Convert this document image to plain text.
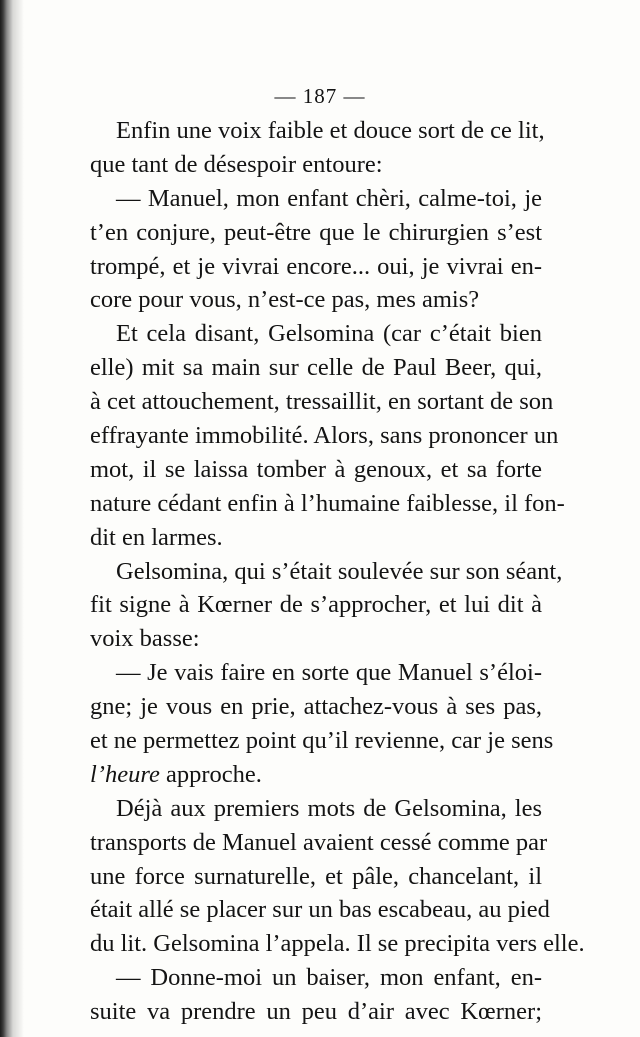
— 187 —
Enfin une voix faible et douce sort de ce lit,
que tant de désespoir entoure:
— Manuel, mon enfant chèri, calme-toi, je
t’en conjure, peut-être que le chirurgien s’est
trompé, et je vivrai encore... oui, je vivrai en-
core pour vous, n’est-ce pas, mes amis?
Et cela disant, Gelsomina (car c’était bien
elle) mit sa main sur celle de Paul Beer, qui,
à cet attouchement, tressaillit, en sortant de son
effrayante immobilité. Alors, sans prononcer un
mot, il se laissa tomber à genoux, et sa forte
nature cédant enfin à l’humaine faiblesse, il fon-
dit en larmes.
Gelsomina, qui s’était soulevée sur son séant,
fit signe à Kœrner de s’approcher, et lui dit à
voix basse:
— Je vais faire en sorte que Manuel s’éloi-
gne; je vous en prie, attachez-vous à ses pas,
et ne permettez point qu’il revienne, car je sens
l’heure approche.
Déjà aux premiers mots de Gelsomina, les
transports de Manuel avaient cessé comme par
une force surnaturelle, et pâle, chancelant, il
était allé se placer sur un bas escabeau, au pied
du lit. Gelsomina l’appela. Il se precipita vers elle.
— Donne-moi un baiser, mon enfant, en-
suite va prendre un peu d’air avec Kœrner;
